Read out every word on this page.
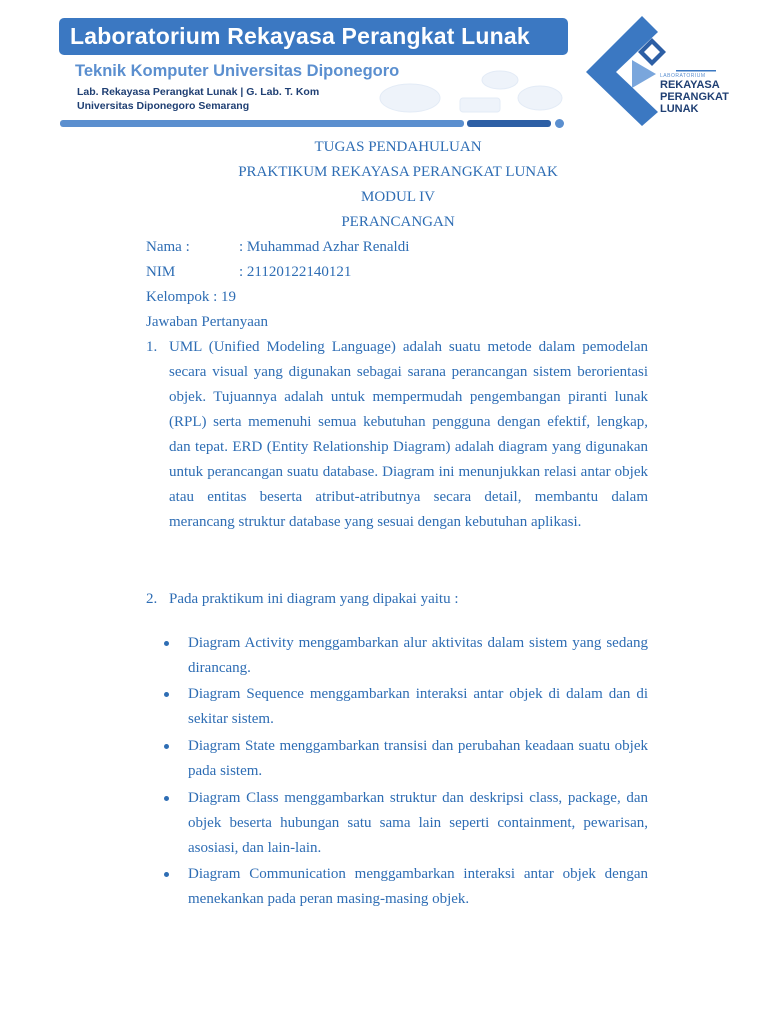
Laboratorium Rekayasa Perangkat Lunak
Teknik Komputer Universitas Diponegoro
Lab. Rekayasa Perangkat Lunak | G. Lab. T. Kom
Universitas Diponegoro Semarang
LABORATORIUM
REKAYASA
PERANGKAT
LUNAK
TUGAS PENDAHULUAN
PRAKTIKUM REKAYASA PERANGKAT LUNAK
MODUL IV
PERANCANGAN
Nama :	: Muhammad Azhar Renaldi
NIM	: 21120122140121
Kelompok : 19
Jawaban Pertanyaan
1. UML (Unified Modeling Language) adalah suatu metode dalam pemodelan secara visual yang digunakan sebagai sarana perancangan sistem berorientasi objek. Tujuannya adalah untuk mempermudah pengembangan piranti lunak (RPL) serta memenuhi semua kebutuhan pengguna dengan efektif, lengkap, dan tepat. ERD (Entity Relationship Diagram) adalah diagram yang digunakan untuk perancangan suatu database. Diagram ini menunjukkan relasi antar objek atau entitas beserta atribut-atributnya secara detail, membantu dalam merancang struktur database yang sesuai dengan kebutuhan aplikasi.

2. Pada praktikum ini diagram yang dipakai yaitu :

Diagram Activity menggambarkan alur aktivitas dalam sistem yang sedang dirancang.

Diagram Sequence menggambarkan interaksi antar objek di dalam dan di sekitar sistem.

Diagram State menggambarkan transisi dan perubahan keadaan suatu objek pada sistem.

Diagram Class menggambarkan struktur dan deskripsi class, package, dan objek beserta hubungan satu sama lain seperti containment, pewarisan, asosiasi, dan lain-lain.

Diagram Communication menggambarkan interaksi antar objek dengan menekankan pada peran masing-masing objek.
